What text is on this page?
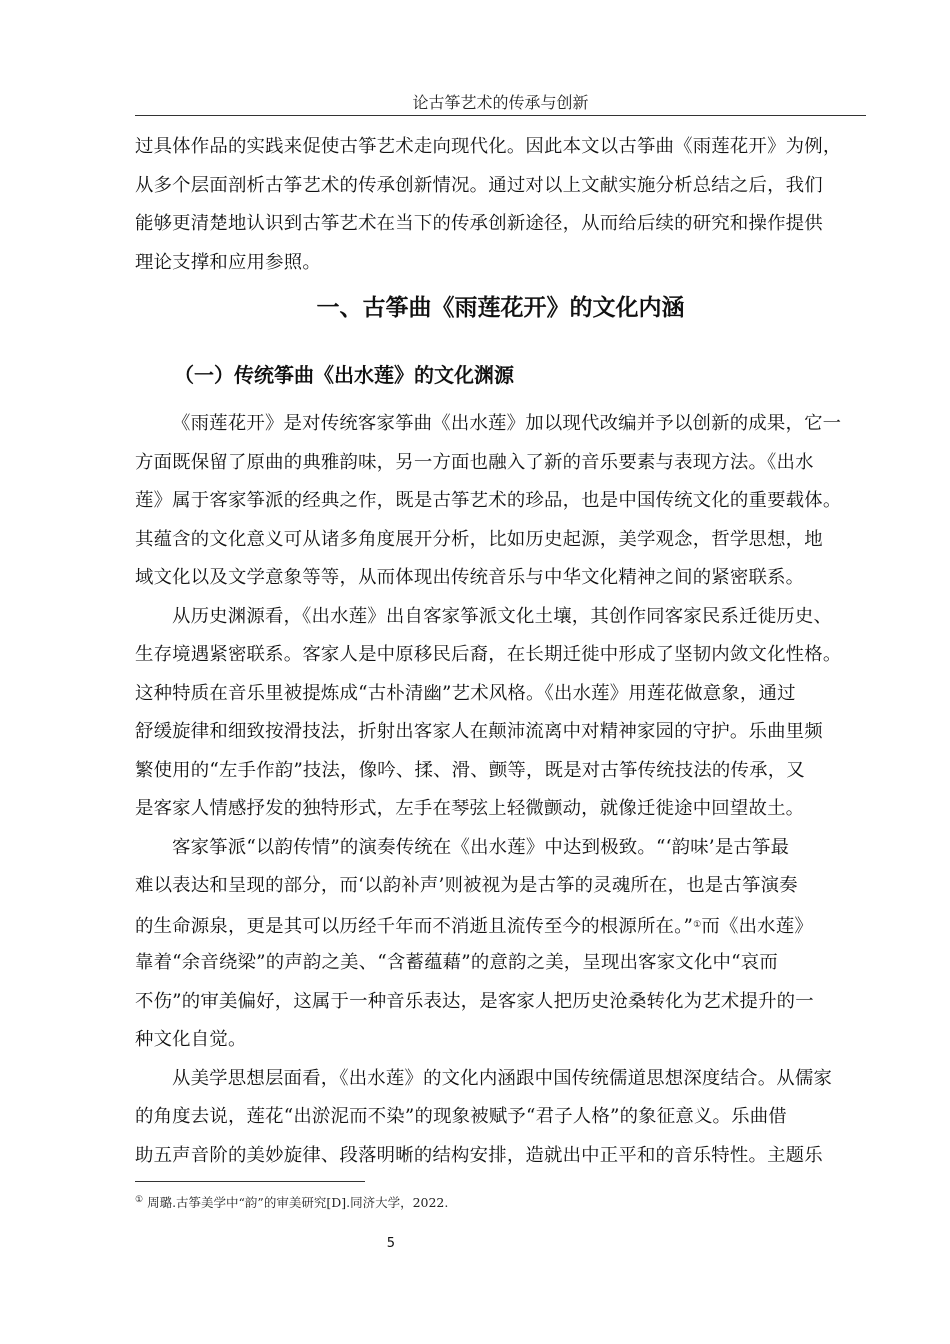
论古筝艺术的传承与创新
过具体作品的实践来促使古筝艺术走向现代化。因此本文以古筝曲《雨莲花开》为例，
从多个层面剖析古筝艺术的传承创新情况。通过对以上文献实施分析总结之后，我们
能够更清楚地认识到古筝艺术在当下的传承创新途径，从而给后续的研究和操作提供
理论支撑和应用参照。
一、古筝曲《雨莲花开》的文化内涵
（一）传统筝曲《出水莲》的文化渊源
《雨莲花开》是对传统客家筝曲《出水莲》加以现代改编并予以创新的成果，它一
方面既保留了原曲的典雅韵味，另一方面也融入了新的音乐要素与表现方法。《出水
莲》属于客家筝派的经典之作，既是古筝艺术的珍品，也是中国传统文化的重要载体。
其蕴含的文化意义可从诸多角度展开分析，比如历史起源，美学观念，哲学思想，地
域文化以及文学意象等等，从而体现出传统音乐与中华文化精神之间的紧密联系。
从历史渊源看，《出水莲》出自客家筝派文化土壤，其创作同客家民系迁徙历史、
生存境遇紧密联系。客家人是中原移民后裔，在长期迁徙中形成了坚韧内敛文化性格。
这种特质在音乐里被提炼成“古朴清幽”艺术风格。《出水莲》用莲花做意象，通过
舒缓旋律和细致按滑技法，折射出客家人在颠沛流离中对精神家园的守护。乐曲里频
繁使用的“左手作韵”技法，像吟、揉、滑、颤等，既是对古筝传统技法的传承，又
是客家人情感抒发的独特形式，左手在琴弦上轻微颤动，就像迁徙途中回望故土。
客家筝派“以韵传情”的演奏传统在《出水莲》中达到极致。“‘韵味’是古筝最
难以表达和呈现的部分，而‘以韵补声’则被视为是古筝的灵魂所在，也是古筝演奏
的生命源泉，更是其可以历经千年而不消逝且流传至今的根源所在。”①而《出水莲》
靠着“余音绕梁”的声韵之美、“含蓄蕴藉”的意韵之美，呈现出客家文化中“哀而
不伤”的审美偏好，这属于一种音乐表达，是客家人把历史沧桑转化为艺术提升的一
种文化自觉。
从美学思想层面看，《出水莲》的文化内涵跟中国传统儒道思想深度结合。从儒家
的角度去说，莲花“出淤泥而不染”的现象被赋予“君子人格”的象征意义。乐曲借
助五声音阶的美妙旋律、段落明晰的结构安排，造就出中正平和的音乐特性。主题乐
① 周璐.古筝美学中“韵”的审美研究[D].同济大学，2022.
5
